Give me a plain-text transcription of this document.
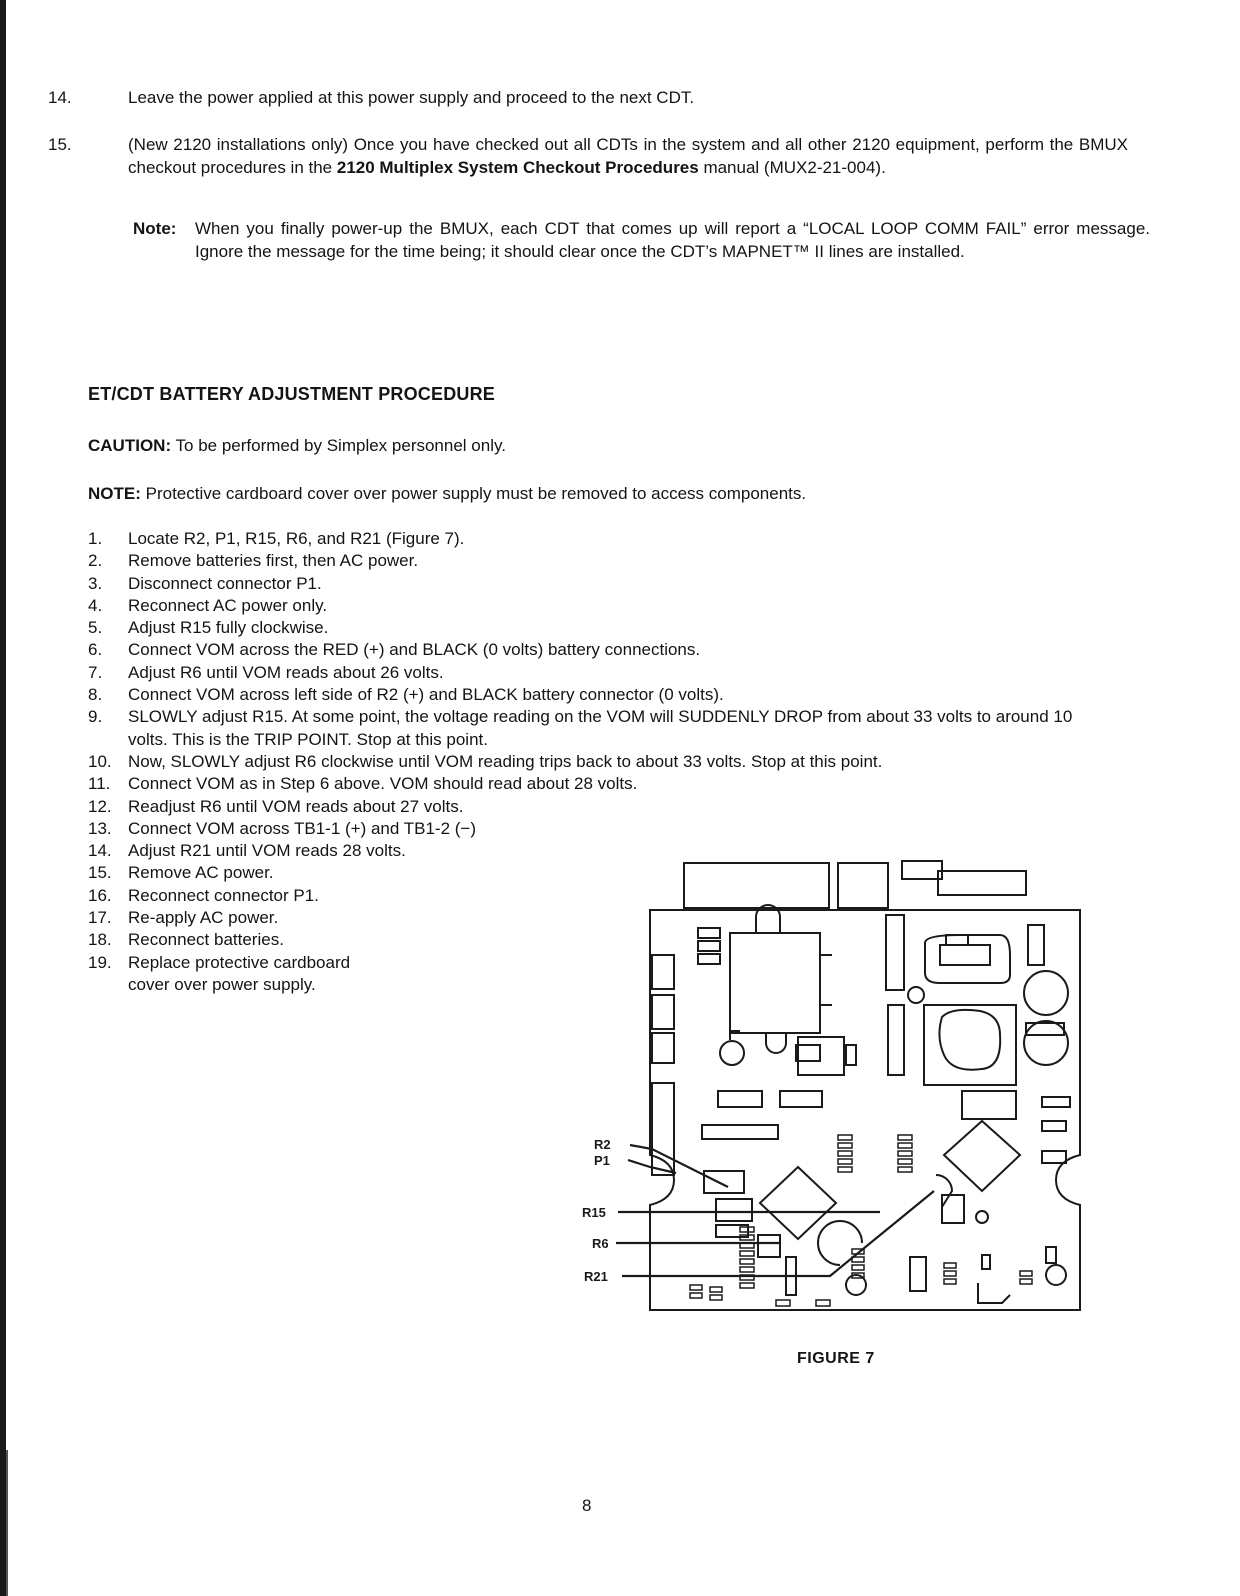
14.	Leave the power applied at this power supply and proceed to the next CDT.
15.	(New 2120 installations only) Once you have checked out all CDTs in the system and all other 2120 equipment, perform the BMUX checkout procedures in the 2120 Multiplex System Checkout Procedures manual (MUX2-21-004).
Note: When you finally power-up the BMUX, each CDT that comes up will report a “LOCAL LOOP COMM FAIL” error message. Ignore the message for the time being; it should clear once the CDT’s MAPNET™ II lines are installed.
ET/CDT BATTERY ADJUSTMENT PROCEDURE
CAUTION: To be performed by Simplex personnel only.
NOTE: Protective cardboard cover over power supply must be removed to access components.
1.	Locate R2, P1, R15, R6, and R21 (Figure 7).
2.	Remove batteries first, then AC power.
3.	Disconnect connector P1.
4.	Reconnect AC power only.
5.	Adjust R15 fully clockwise.
6.	Connect VOM across the RED (+) and BLACK (0 volts) battery connections.
7.	Adjust R6 until VOM reads about 26 volts.
8.	Connect VOM across left side of R2 (+) and BLACK battery connector (0 volts).
9.	SLOWLY adjust R15. At some point, the voltage reading on the VOM will SUDDENLY DROP from about 33 volts to around 10 volts. This is the TRIP POINT. Stop at this point.
10. Now, SLOWLY adjust R6 clockwise until VOM reading trips back to about 33 volts. Stop at this point.
11.	Connect VOM as in Step 6 above. VOM should read about 28 volts.
12. Readjust R6 until VOM reads about 27 volts.
13. Connect VOM across TB1-1 (+) and TB1-2 (−)
14. Adjust R21 until VOM reads 28 volts.
15. Remove AC power.
16. Reconnect connector P1.
17. Re-apply AC power.
18. Reconnect batteries.
19. Replace protective cardboard cover over power supply.
R2
P1
R15
R6
R21
FIGURE 7
8
